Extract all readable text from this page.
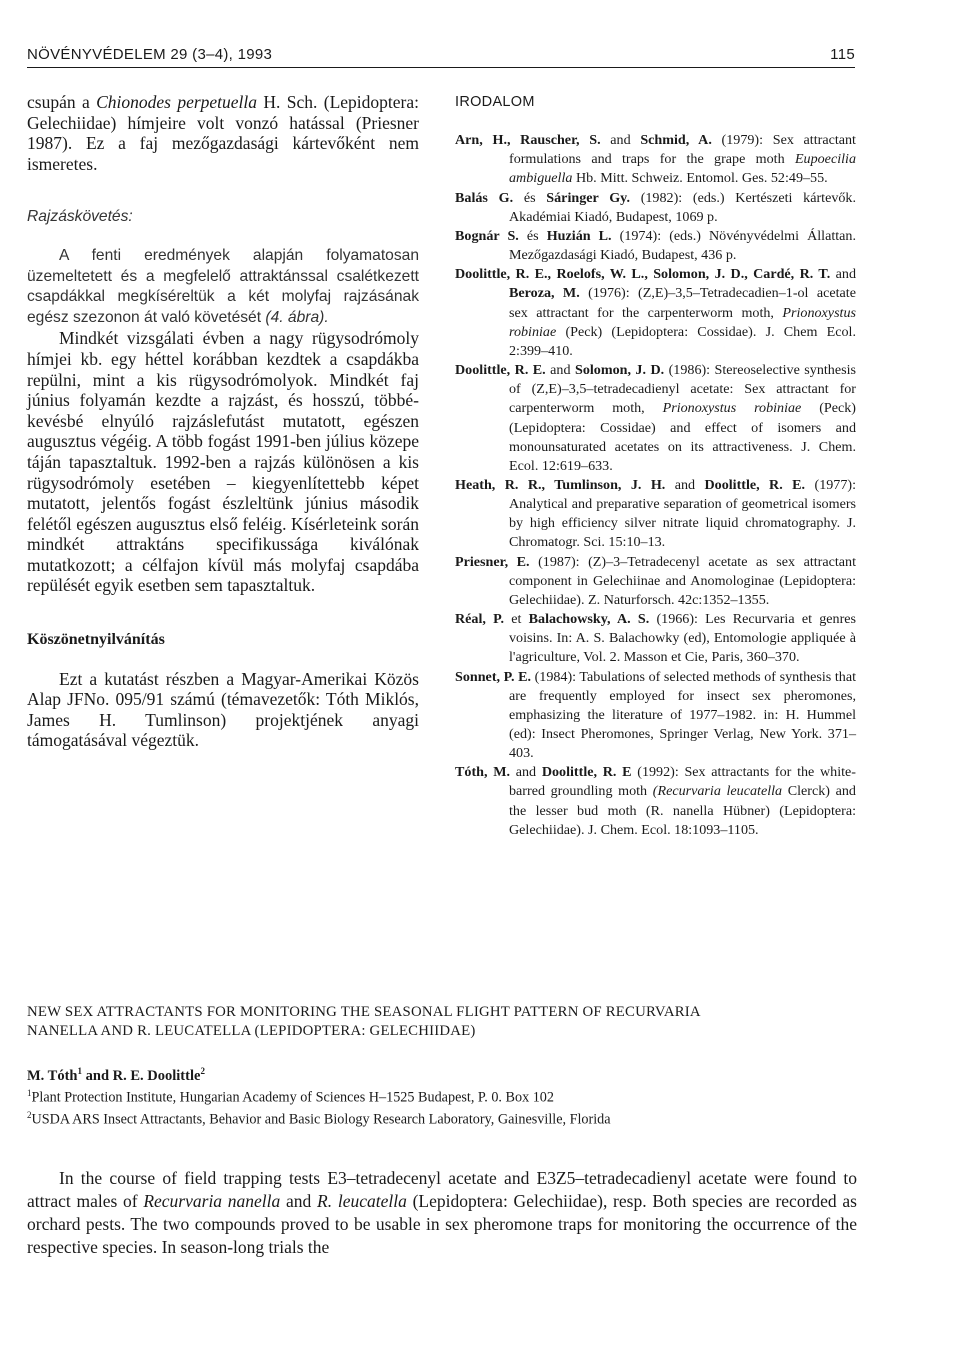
NÖVÉNYVÉDELEM 29 (3–4), 1993	115

csupán a Chionodes perpetuella H. Sch. (Lepidoptera: Gelechiidae) hímjeire volt vonzó hatással (Priesner 1987). Ez a faj mezőgazdasági kártevőként nem ismeretes.

Rajzáskövetés:

A fenti eredmények alapján folyamatosan üzemeltetett és a megfelelő attraktánssal csalétkezett csapdákkal megkíséreltük a két molyfaj rajzásának egész szezonon át való követését (4. ábra).

Mindkét vizsgálati évben a nagy rügysodrómoly hímjei kb. egy héttel korábban kezdtek a csapdákba repülni, mint a kis rügysodrómolyok. Mindkét faj június folyamán kezdte a rajzást, és hosszú, többé-kevésbé elnyúló rajzáslefutást mutatott, egészen augusztus végéig. A több fogást 1991-ben július közepe táján tapasztaltuk. 1992-ben a rajzás különösen a kis rügysodrómoly esetében – kiegyenlítettebb képet mutatott, jelentős fogást észleltünk június második felétől egészen augusztus első feléig. Kísérleteink során mindkét attraktáns specifikussága kiválónak mutatkozott; a célfajon kívül más molyfaj csapdába repülését egyik esetben sem tapasztaltuk.

Köszönetnyilvánítás

Ezt a kutatást részben a Magyar-Amerikai Közös Alap JFNo. 095/91 számú (témavezetők: Tóth Miklós, James H. Tumlinson) projektjének anyagi támogatásával végeztük.

IRODALOM

Arn, H., Rauscher, S. and Schmid, A. (1979): Sex attractant formulations and traps for the grape moth Eupoecilia ambiguella Hb. Mitt. Schweiz. Entomol. Ges. 52:49–55.

Balás G. és Sáringer Gy. (1982): (eds.) Kertészeti kártevők. Akadémiai Kiadó, Budapest, 1069 p.

Bognár S. és Huzián L. (1974): (eds.) Növényvédelmi Állattan. Mezőgazdasági Kiadó, Budapest, 436 p.

Doolittle, R. E., Roelofs, W. L., Solomon, J. D., Cardé, R. T. and Beroza, M. (1976): (Z,E)–3,5–Tetradecadien–1-ol acetate sex attractant for the carpenterworm moth, Prionoxystus robiniae (Peck) (Lepidoptera: Cossidae). J. Chem Ecol. 2:399–410.

Doolittle, R. E. and Solomon, J. D. (1986): Stereoselective synthesis of (Z,E)–3,5–tetradecadienyl acetate: Sex attractant for carpenterworm moth, Prionoxystus robiniae (Peck) (Lepidoptera: Cossidae) and effect of isomers and monounsaturated acetates on its attractiveness. J. Chem. Ecol. 12:619–633.

Heath, R. R., Tumlinson, J. H. and Doolittle, R. E. (1977): Analytical and preparative separation of geometrical isomers by high efficiency silver nitrate liquid chromatography. J. Chromatogr. Sci. 15:10–13.

Priesner, E. (1987): (Z)–3–Tetradecenyl acetate as sex attractant component in Gelechiinae and Anomologinae (Lepidoptera: Gelechiidae). Z. Naturforsch. 42c:1352–1355.

Réal, P. et Balachowsky, A. S. (1966): Les Recurvaria et genres voisins. In: A. S. Balachowky (ed), Entomologie appliquée à l'agriculture, Vol. 2. Masson et Cie, Paris, 360–370.

Sonnet, P. E. (1984): Tabulations of selected methods of synthesis that are frequently employed for insect sex pheromones, emphasizing the literature of 1977–1982. in: H. Hummel (ed): Insect Pheromones, Springer Verlag, New York. 371–403.

Tóth, M. and Doolittle, R. E (1992): Sex attractants for the white-barred groundling moth (Recurvaria leucatella Clerck) and the lesser bud moth (R. nanella Hübner) (Lepidoptera: Gelechiidae). J. Chem. Ecol. 18:1093–1105.

NEW SEX ATTRACTANTS FOR MONITORING THE SEASONAL FLIGHT PATTERN OF RECURVARIA
NANELLA AND R. LEUCATELLA (LEPIDOPTERA: GELECHIIDAE)

M. Tóth$^1$ and R. E. Doolittle$^2$

$^1$Plant Protection Institute, Hungarian Academy of Sciences H–1525 Budapest, P. 0. Box 102

$^2$USDA ARS Insect Attractants, Behavior and Basic Biology Research Laboratory, Gainesville, Florida

In the course of field trapping tests E3–tetradecenyl acetate and E3Z5–tetradecadienyl acetate were found to attract males of Recurvaria nanella and R. leucatella (Lepidoptera: Gelechiidae), resp. Both species are recorded as orchard pests. The two compounds proved to be usable in sex pheromone traps for monitoring the occurrence of the respective species. In season-long trials the
